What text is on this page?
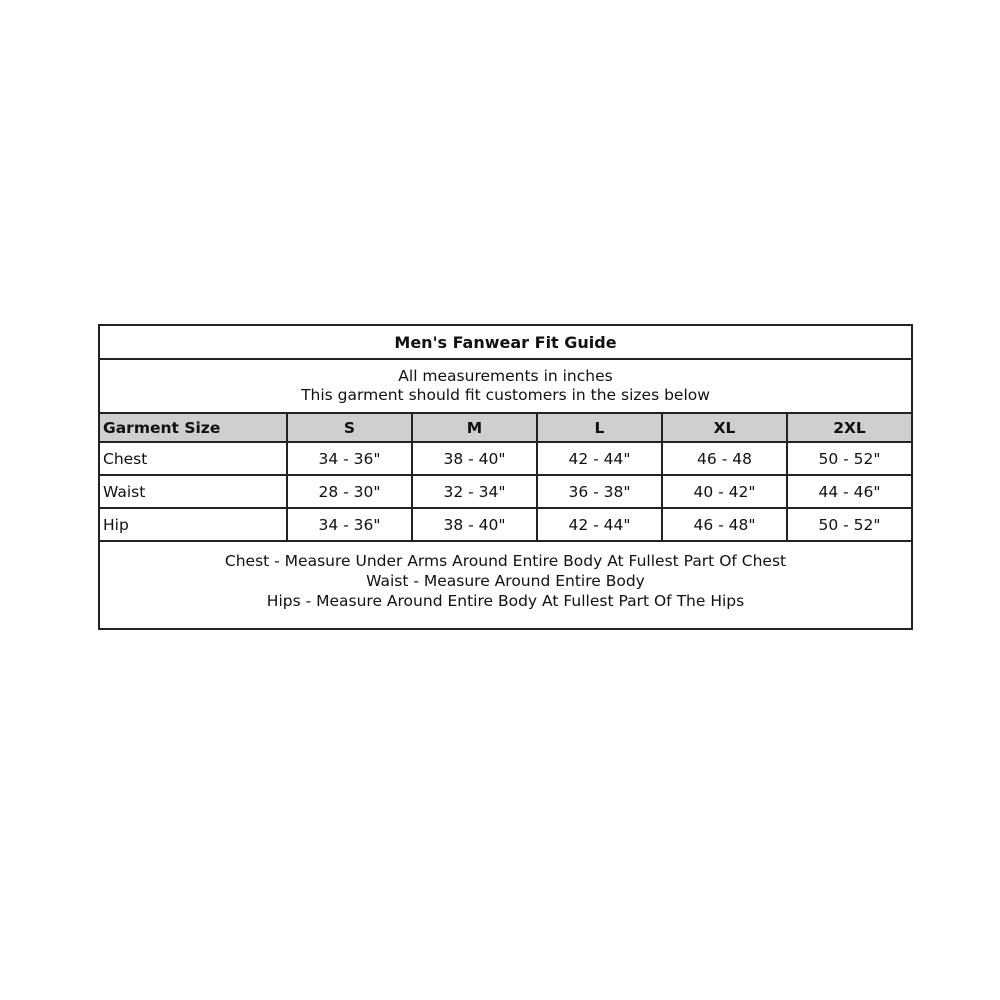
Men's Fanwear Fit Guide
All measurements in inches
This garment should fit customers in the sizes below
Garment Size	S	M	L	XL	2XL
Chest	34 - 36"	38 - 40"	42 - 44"	46 - 48	50 - 52"
Waist	28 - 30"	32 - 34"	36 - 38"	40 - 42"	44 - 46"
Hip	34 - 36"	38 - 40"	42 - 44"	46 - 48"	50 - 52"
Chest - Measure Under Arms Around Entire Body At Fullest Part Of Chest
Waist - Measure Around Entire Body
Hips - Measure Around Entire Body At Fullest Part Of The Hips
